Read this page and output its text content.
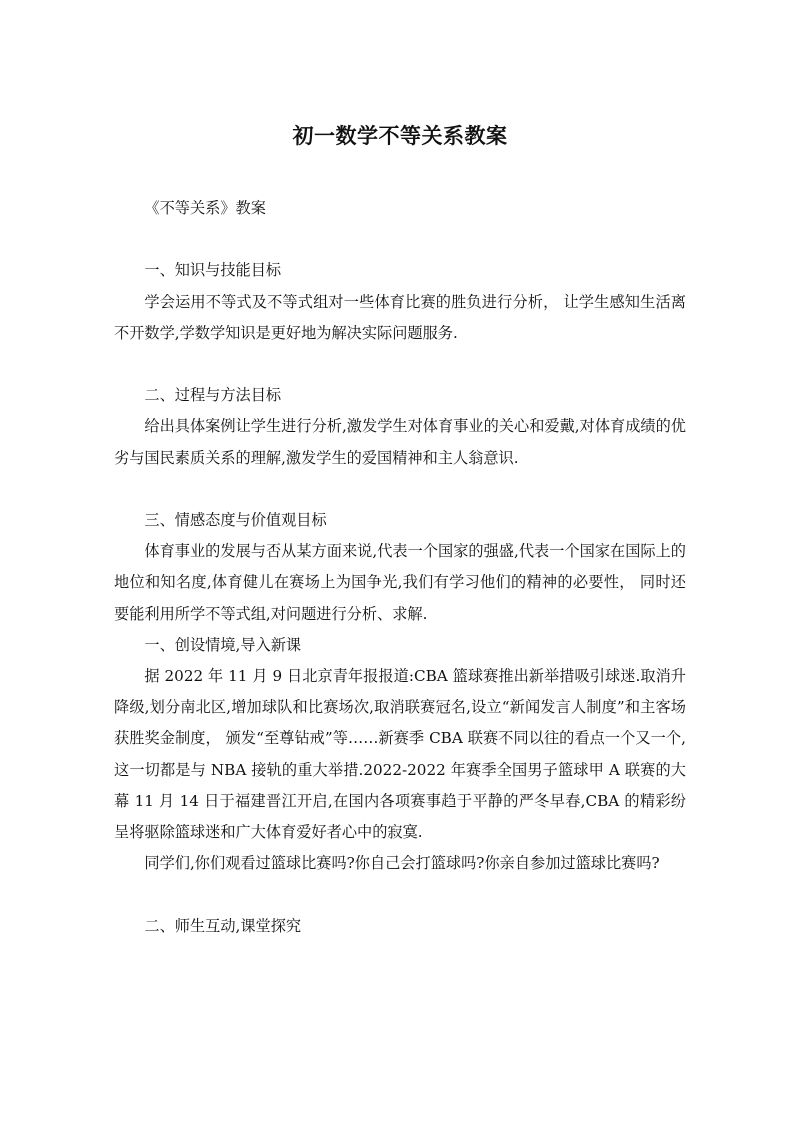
初一数学不等关系教案

《不等关系》教案

一、知识与技能目标

学会运用不等式及不等式组对一些体育比赛的胜负进行分析， 让学生感知生活离不开数学,学数学知识是更好地为解决实际问题服务.

二、过程与方法目标

给出具体案例让学生进行分析,激发学生对体育事业的关心和爱戴,对体育成绩的优劣与国民素质关系的理解,激发学生的爱国精神和主人翁意识.

三、情感态度与价值观目标

体育事业的发展与否从某方面来说,代表一个国家的强盛,代表一个国家在国际上的地位和知名度,体育健儿在赛场上为国争光,我们有学习他们的精神的必要性， 同时还要能利用所学不等式组,对问题进行分析、求解.

一、创设情境,导入新课

据 2022 年 11 月 9 日北京青年报报道:CBA 篮球赛推出新举措吸引球迷.取消升降级,划分南北区,增加球队和比赛场次,取消联赛冠名,设立“新闻发言人制度”和主客场获胜奖金制度， 颁发“至尊钻戒”等……新赛季 CBA 联赛不同以往的看点一个又一个,这一切都是与 NBA 接轨的重大举措.2022-2022 年赛季全国男子篮球甲 A 联赛的大幕 11 月 14 日于福建晋江开启,在国内各项赛事趋于平静的严冬早春,CBA 的精彩纷呈将驱除篮球迷和广大体育爱好者心中的寂寞.

同学们,你们观看过篮球比赛吗?你自己会打篮球吗?你亲自参加过篮球比赛吗?

二、师生互动,课堂探究
